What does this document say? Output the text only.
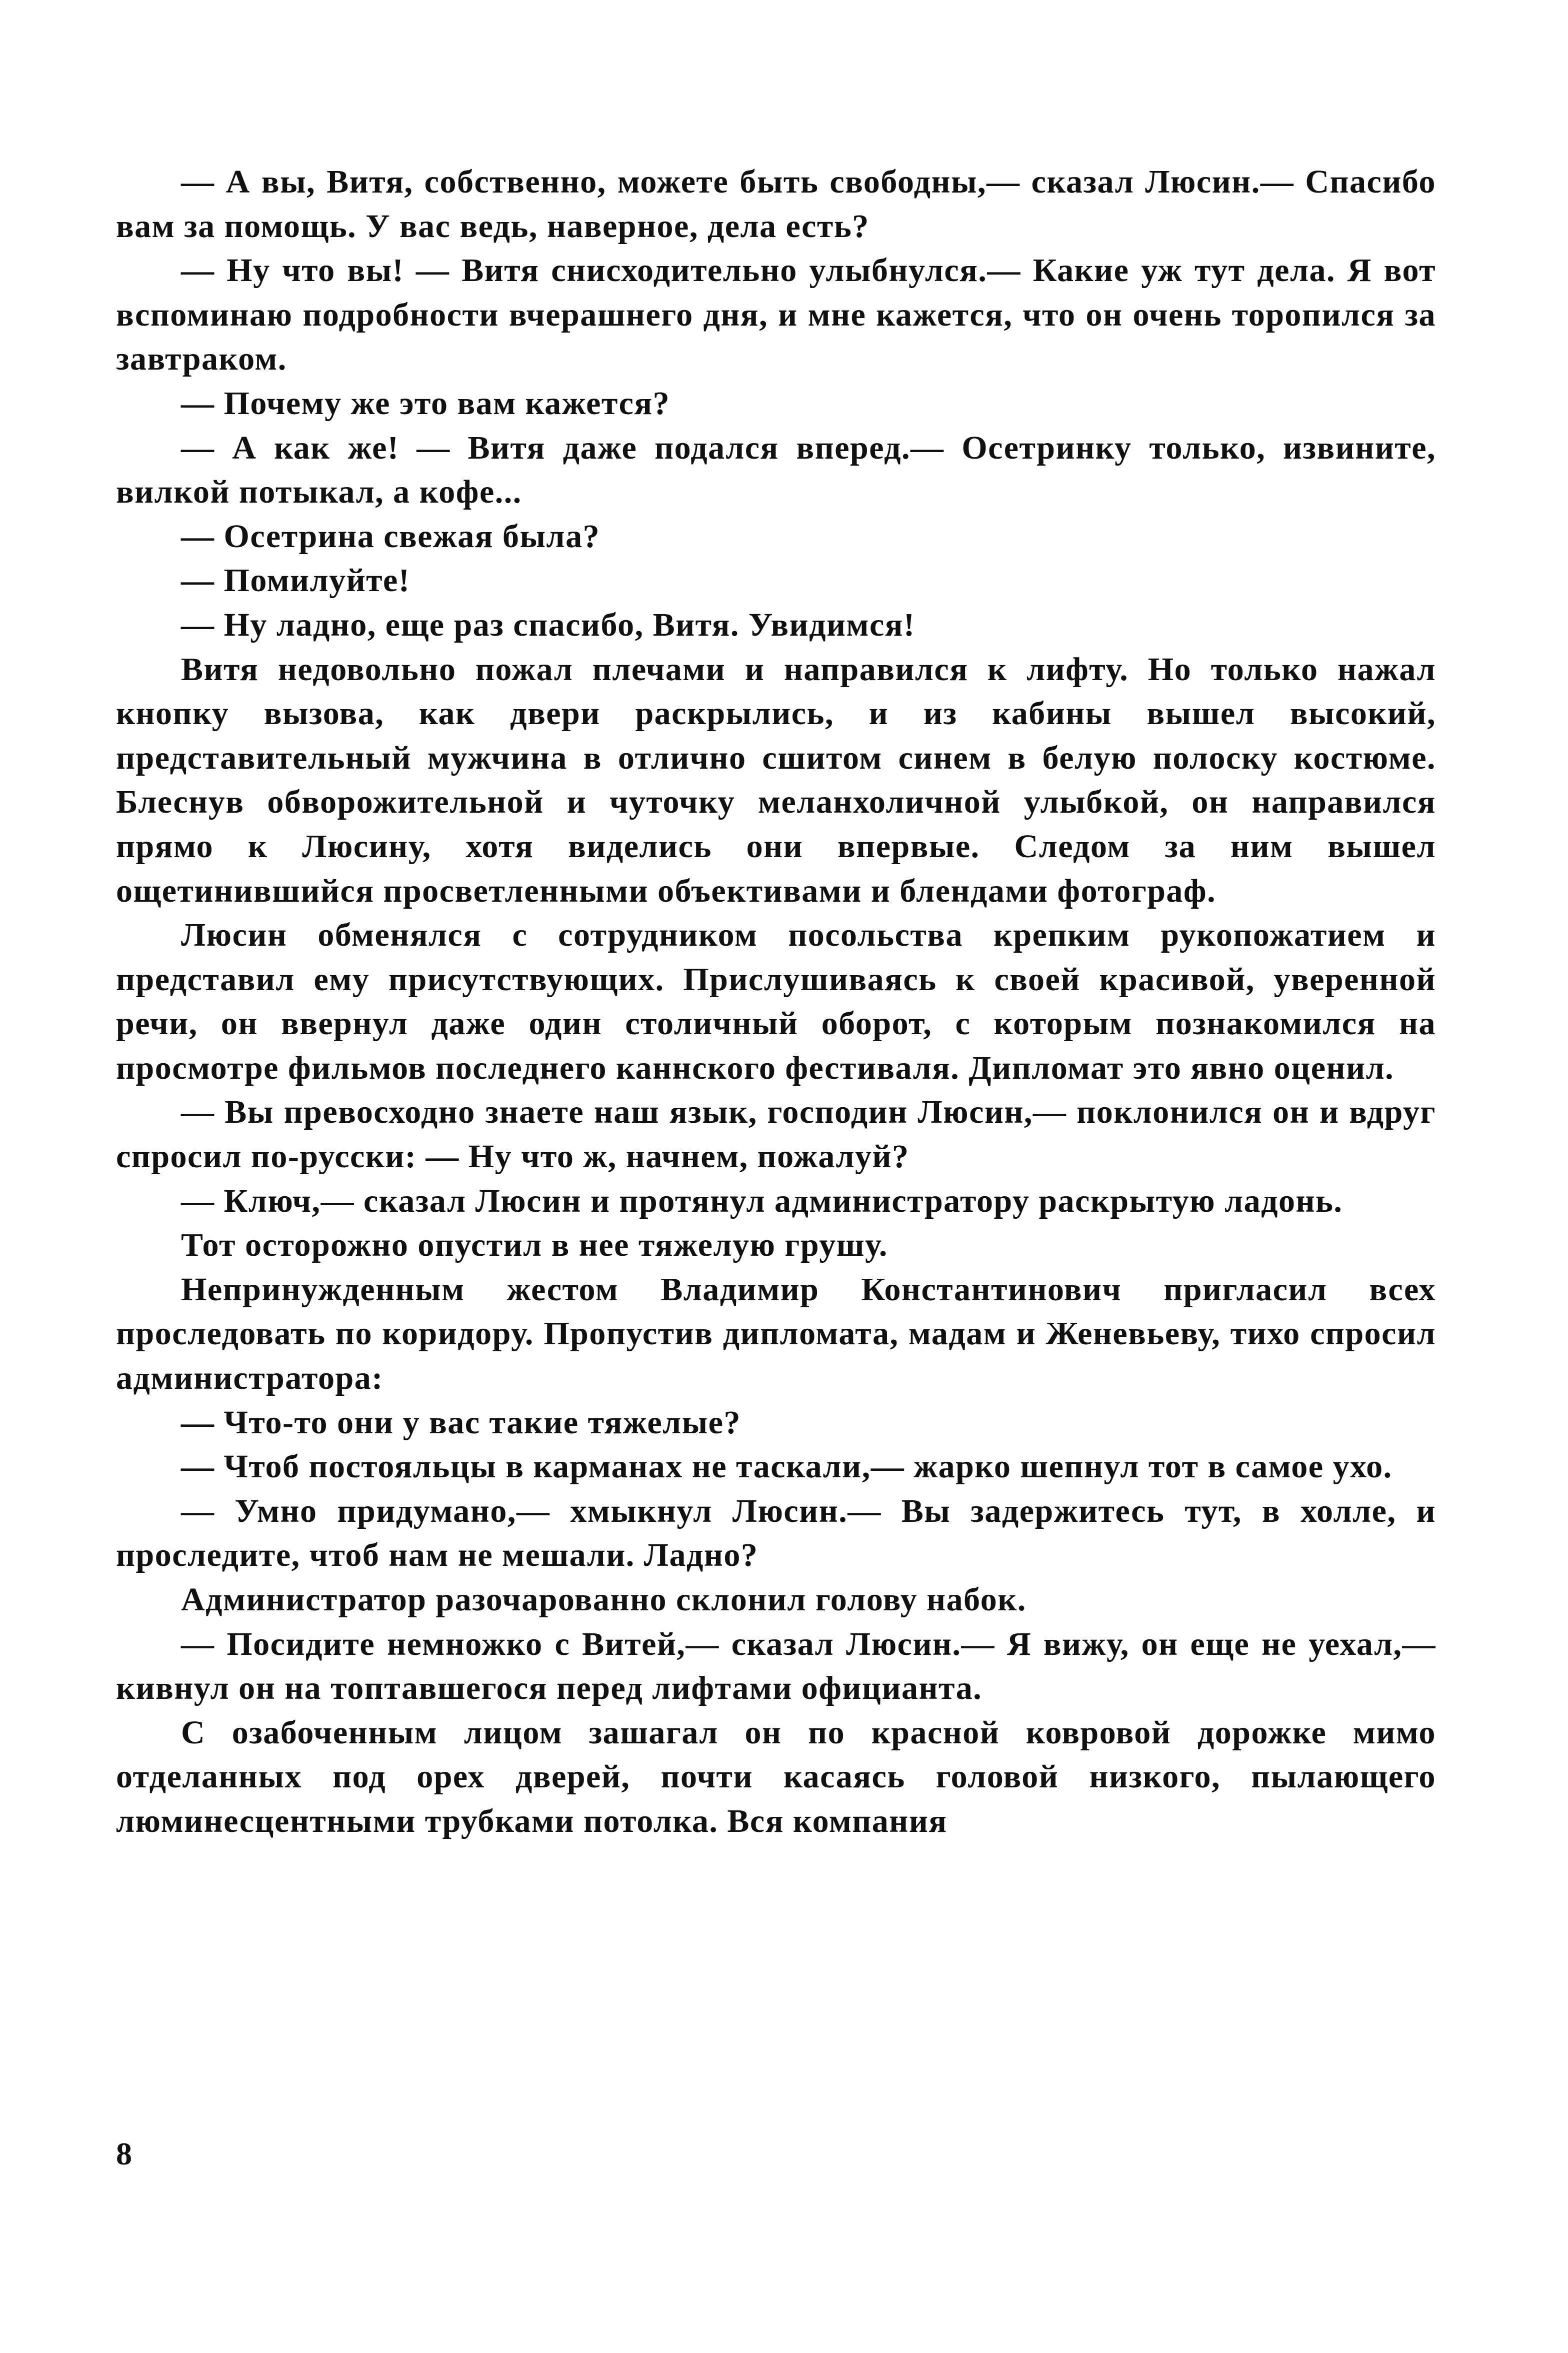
— А вы, Витя, собственно, можете быть свободны,— сказал Люсин.— Спасибо вам за помощь. У вас ведь, наверное, дела есть?

— Ну что вы! — Витя снисходительно улыбнулся.— Какие уж тут дела. Я вот вспоминаю подробности вчерашнего дня, и мне кажется, что он очень торопился за завтраком.

— Почему же это вам кажется?

— А как же! — Витя даже подался вперед.— Осетринку только, извините, вилкой потыкал, а кофе...

— Осетрина свежая была?

— Помилуйте!

— Ну ладно, еще раз спасибо, Витя. Увидимся!

Витя недовольно пожал плечами и направился к лифту. Но только нажал кнопку вызова, как двери раскрылись, и из кабины вышел высокий, представительный мужчина в отлично сшитом синем в белую полоску костюме. Блеснув обворожительной и чуточку меланхоличной улыбкой, он направился прямо к Люсину, хотя виделись они впервые. Следом за ним вышел ощетинившийся просветленными объективами и блендами фотограф.

Люсин обменялся с сотрудником посольства крепким рукопожатием и представил ему присутствующих. Прислушиваясь к своей красивой, уверенной речи, он ввернул даже один столичный оборот, с которым познакомился на просмотре фильмов последнего каннского фестиваля. Дипломат это явно оценил.

— Вы превосходно знаете наш язык, господин Люсин,— поклонился он и вдруг спросил по-русски: — Ну что ж, начнем, пожалуй?

— Ключ,— сказал Люсин и протянул администратору раскрытую ладонь.

Тот осторожно опустил в нее тяжелую грушу.

Непринужденным жестом Владимир Константинович пригласил всех проследовать по коридору. Пропустив дипломата, мадам и Женевьеву, тихо спросил администратора:

— Что-то они у вас такие тяжелые?

— Чтоб постояльцы в карманах не таскали,— жарко шепнул тот в самое ухо.

— Умно придумано,— хмыкнул Люсин.— Вы задержитесь тут, в холле, и проследите, чтоб нам не мешали. Ладно?

Администратор разочарованно склонил голову набок.

— Посидите немножко с Витей,— сказал Люсин.— Я вижу, он еще не уехал,— кивнул он на топтавшегося перед лифтами официанта.

С озабоченным лицом зашагал он по красной ковровой дорожке мимо отделанных под орех дверей, почти касаясь головой низкого, пылающего люминесцентными трубками потолка. Вся компания

8
